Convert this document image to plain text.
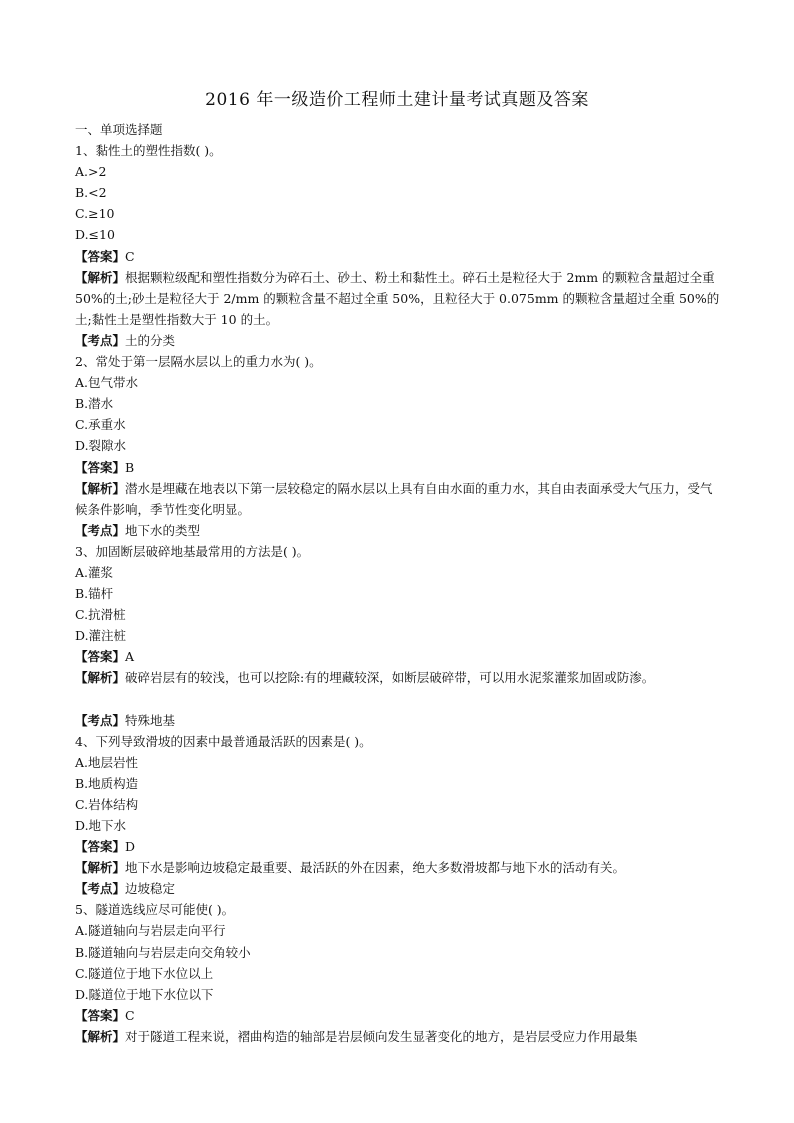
2016 年一级造价工程师土建计量考试真题及答案
一、单项选择题
1、黏性土的塑性指数( )。
A.>2
B.<2
C.≥10
D.≤10
【答案】C
【解析】根据颗粒级配和塑性指数分为碎石土、砂土、粉土和黏性土。碎石土是粒径大于 2mm 的颗粒含量超过全重 50%的土;砂土是粒径大于 2/mm 的颗粒含量不超过全重 50%，且粒径大于 0.075mm 的颗粒含量超过全重 50%的土;黏性土是塑性指数大于 10 的土。
【考点】土的分类
2、常处于第一层隔水层以上的重力水为( )。
A.包气带水
B.潜水
C.承重水
D.裂隙水
【答案】B
【解析】潜水是埋藏在地表以下第一层较稳定的隔水层以上具有自由水面的重力水，其自由表面承受大气压力，受气候条件影响，季节性变化明显。
【考点】地下水的类型
3、加固断层破碎地基最常用的方法是( )。
A.灌浆
B.锚杆
C.抗滑桩
D.灌注桩
【答案】A
【解析】破碎岩层有的较浅，也可以挖除:有的埋藏较深，如断层破碎带，可以用水泥浆灌浆加固或防渗。
【考点】特殊地基
4、下列导致滑坡的因素中最普通最活跃的因素是( )。
A.地层岩性
B.地质构造
C.岩体结构
D.地下水
【答案】D
【解析】地下水是影响边坡稳定最重要、最活跃的外在因素，绝大多数滑坡都与地下水的活动有关。
【考点】边坡稳定
5、隧道选线应尽可能使( )。
A.隧道轴向与岩层走向平行
B.隧道轴向与岩层走向交角较小
C.隧道位于地下水位以上
D.隧道位于地下水位以下
【答案】C
【解析】对于隧道工程来说，褶曲构造的轴部是岩层倾向发生显著变化的地方，是岩层受应力作用最集
